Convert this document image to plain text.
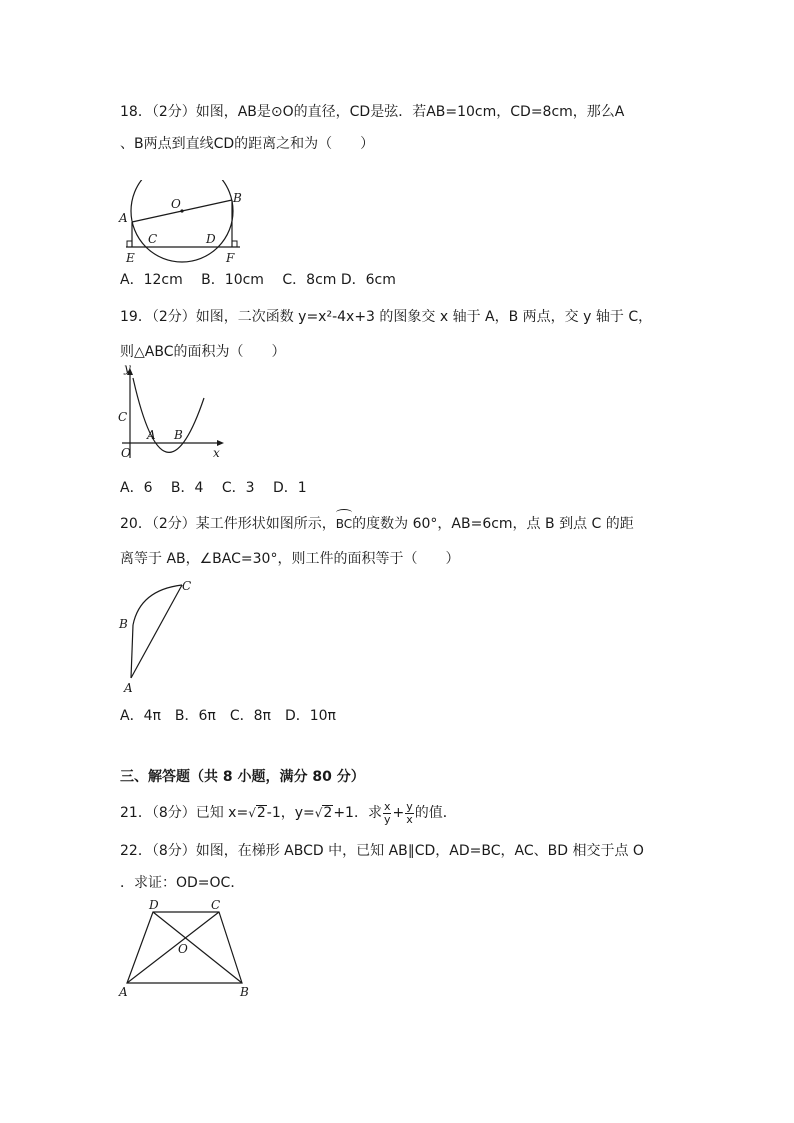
18．（2分）如图，AB是⊙O的直径，CD是弦．若AB=10cm，CD=8cm，那么A
、B两点到直线CD的距离之和为（　　）
O
A
B
C	D
E	F
A．12cm　 B．10cm　 C．8cm D．6cm
19．（2分）如图，二次函数 y=x²-4x+3 的图象交 x 轴于 A，B 两点，交 y 轴于 C，
则△ABC的面积为（　　）
y
x
C
A B
O
A．6　 B．4　 C．3　 D．1
20．（2分）某工件形状如图所示，BC的度数为 60°，AB=6cm，点 B 到点 C 的距
离等于 AB，∠BAC=30°，则工件的面积等于（　　）
C
B
A
A．4π　B．6π　C．8π　D．10π
三、解答题（共 8 小题，满分 80 分）
21．（8分）已知 x=√2-1，y=√2+1．求 $\frac{x}{y} + \frac{y}{x}$ 的值．
22．（8分）如图，在梯形 ABCD 中，已知 AB∥CD，AD=BC，AC、BD 相交于点 O
．求证：OD=OC．
D	C
O
A	B
